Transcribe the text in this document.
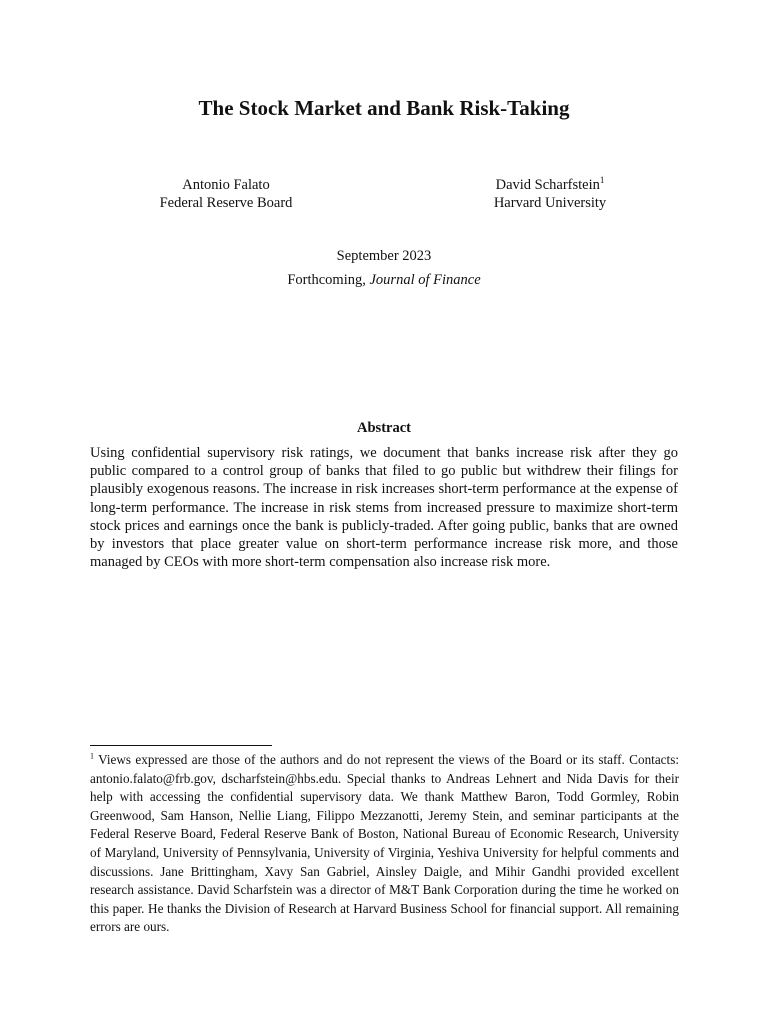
The Stock Market and Bank Risk-Taking
Antonio Falato
Federal Reserve Board
David Scharfstein$^1$
Harvard University
September 2023
Forthcoming, Journal of Finance
Abstract

Using confidential supervisory risk ratings, we document that banks increase risk after they go public compared to a control group of banks that filed to go public but withdrew their filings for plausibly exogenous reasons. The increase in risk increases short-term performance at the expense of long-term performance. The increase in risk stems from increased pressure to maximize short-term stock prices and earnings once the bank is publicly-traded. After going public, banks that are owned by investors that place greater value on short-term performance increase risk more, and those managed by CEOs with more short-term compensation also increase risk more.

$^1$ Views expressed are those of the authors and do not represent the views of the Board or its staff. Contacts: antonio.falato@frb.gov, dscharfstein@hbs.edu. Special thanks to Andreas Lehnert and Nida Davis for their help with accessing the confidential supervisory data. We thank Matthew Baron, Todd Gormley, Robin Greenwood, Sam Hanson, Nellie Liang, Filippo Mezzanotti, Jeremy Stein, and seminar participants at the Federal Reserve Board, Federal Reserve Bank of Boston, National Bureau of Economic Research, University of Maryland, University of Pennsylvania, University of Virginia, Yeshiva University for helpful comments and discussions. Jane Brittingham, Xavy San Gabriel, Ainsley Daigle, and Mihir Gandhi provided excellent research assistance. David Scharfstein was a director of M&T Bank Corporation during the time he worked on this paper. He thanks the Division of Research at Harvard Business School for financial support. All remaining errors are ours.
